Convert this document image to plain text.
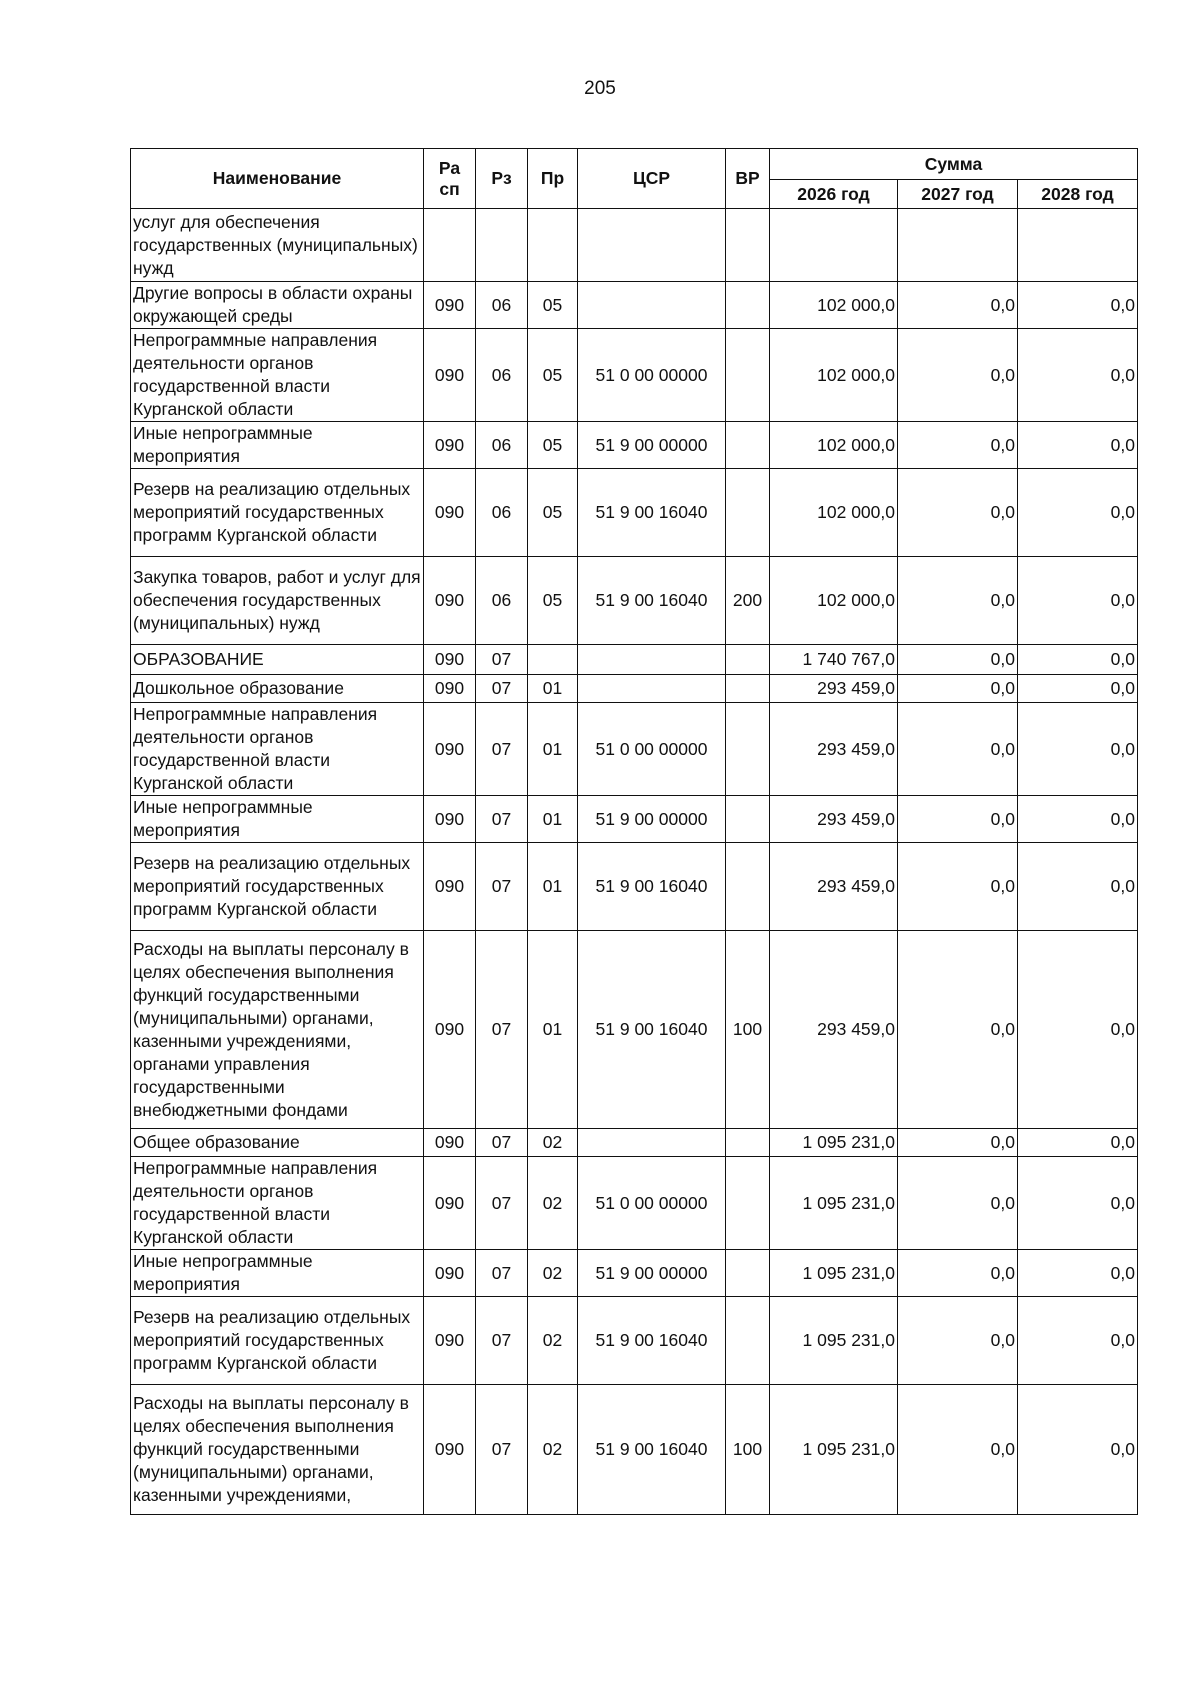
205
Наименование	Ра сп	Рз	Пр	ЦСР	ВР	Сумма		
						2026 год	2027 год	2028 год
услуг для обеспечения государственных (муниципальных) нужд								
Другие вопросы в области охраны окружающей среды	090	06	05			102 000,0	0,0	0,0
Непрограммные направления деятельности органов государственной власти Курганской области	090	06	05	51 0 00 00000		102 000,0	0,0	0,0
Иные непрограммные мероприятия	090	06	05	51 9 00 00000		102 000,0	0,0	0,0
Резерв на реализацию отдельных мероприятий государственных программ Курганской области	090	06	05	51 9 00 16040		102 000,0	0,0	0,0
Закупка товаров, работ и услуг для обеспечения государственных (муниципальных) нужд	090	06	05	51 9 00 16040	200	102 000,0	0,0	0,0
ОБРАЗОВАНИЕ	090	07				1 740 767,0	0,0	0,0
Дошкольное образование	090	07	01			293 459,0	0,0	0,0
Непрограммные направления деятельности органов государственной власти Курганской области	090	07	01	51 0 00 00000		293 459,0	0,0	0,0
Иные непрограммные мероприятия	090	07	01	51 9 00 00000		293 459,0	0,0	0,0
Резерв на реализацию отдельных мероприятий государственных программ Курганской области	090	07	01	51 9 00 16040		293 459,0	0,0	0,0
Расходы на выплаты персоналу в целях обеспечения выполнения функций государственными (муниципальными) органами, казенными учреждениями, органами управления государственными внебюджетными фондами	090	07	01	51 9 00 16040	100	293 459,0	0,0	0,0
Общее образование	090	07	02			1 095 231,0	0,0	0,0
Непрограммные направления деятельности органов государственной власти Курганской области	090	07	02	51 0 00 00000		1 095 231,0	0,0	0,0
Иные непрограммные мероприятия	090	07	02	51 9 00 00000		1 095 231,0	0,0	0,0
Резерв на реализацию отдельных мероприятий государственных программ Курганской области	090	07	02	51 9 00 16040		1 095 231,0	0,0	0,0
Расходы на выплаты персоналу в целях обеспечения выполнения функций государственными (муниципальными) органами, казенными учреждениями,	090	07	02	51 9 00 16040	100	1 095 231,0	0,0	0,0
